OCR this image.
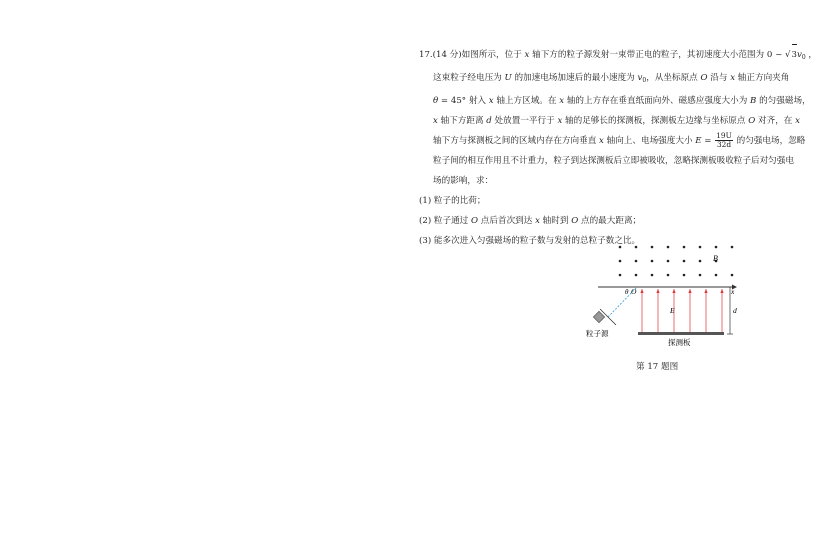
17.(14 分)如图所示，位于 x 轴下方的粒子源发射一束带正电的粒子，其初速度大小范围为 0 ~ $√3v_0$ ，
这束粒子经电压为 U 的加速电场加速后的最小速度为 $v_0$，从坐标原点 O 沿与 x 轴正方向夹角
θ = 45° 射入 x 轴上方区域。在 x 轴的上方存在垂直纸面向外、磁感应强度大小为 B 的匀强磁场，
x 轴下方距离 d 处放置一平行于 x 轴的足够长的探测板，探测板左边缘与坐标原点 O 对齐，在 x
轴下方与探测板之间的区域内存在方向垂直 x 轴向上、电场强度大小 $E = \frac{19U}{32d}$ 的匀强电场，忽略
粒子间的相互作用且不计重力，粒子到达探测板后立即被吸收，忽略探测板吸收粒子后对匀强电
场的影响，求：
(1) 粒子的比荷；
(2) 粒子通过 O 点后首次到达 x 轴时到 O 点的最大距离；
(3) 能多次进入匀强磁场的粒子数与发射的总粒子数之比。
B
x
θ O
E
探测板
d
粒子源
第 17 题图
